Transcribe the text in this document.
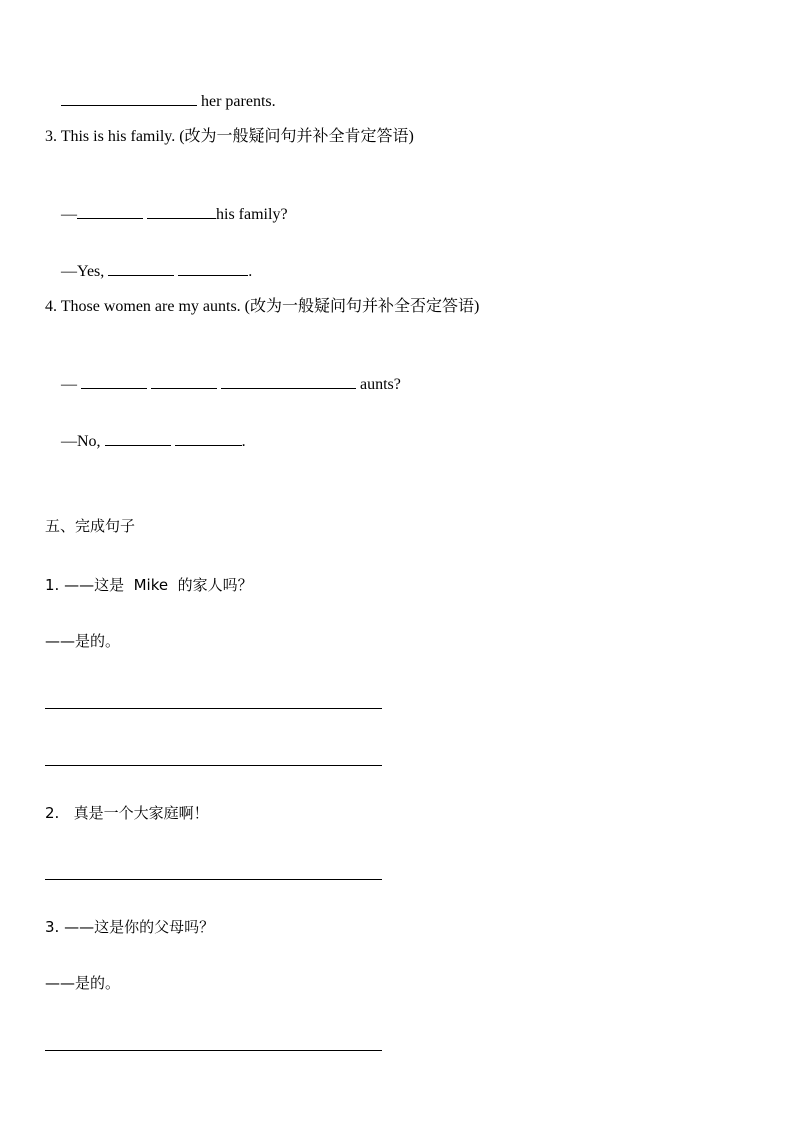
her parents.

3. This is his family. (改为一般疑问句并补全肯定答语)

—	his family?

—Yes,	.

4. Those women are my aunts. (改为一般疑问句并补全否定答语)

—	aunts?

—No,	.

五、完成句子
1. ——这是  Mike  的家人吗？
——是的。
2.   真是一个大家庭啊！
3. ——这是你的父母吗？
——是的。
